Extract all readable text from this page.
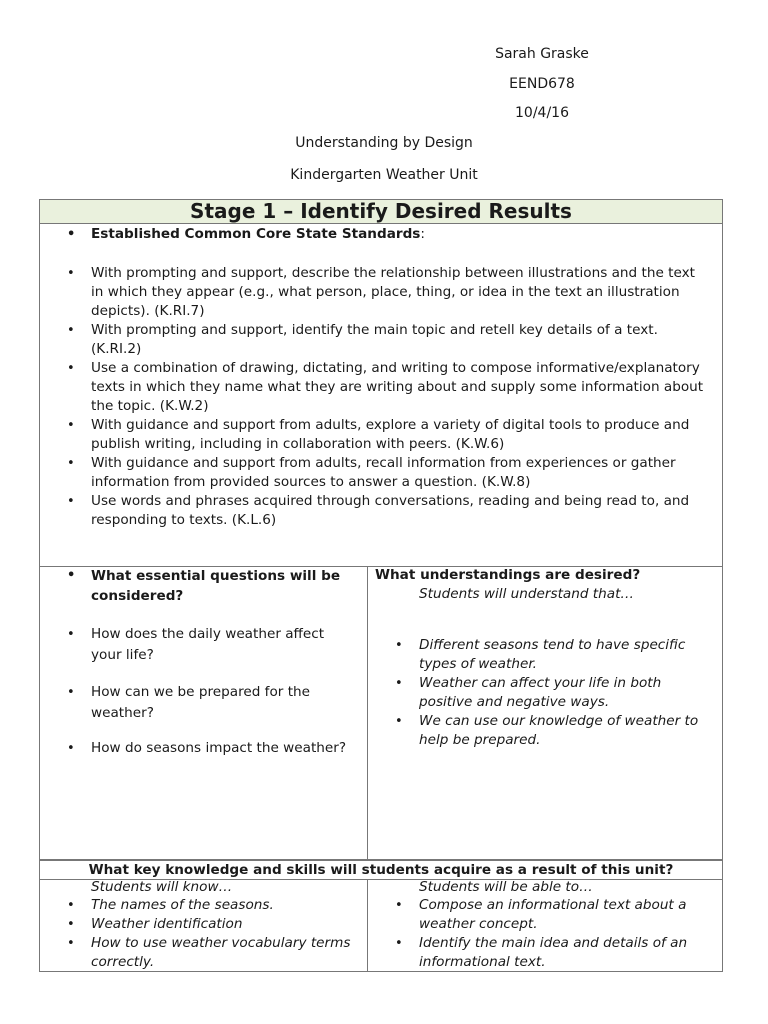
Sarah Graske
EEND678
10/4/16
Understanding by Design
Kindergarten Weather Unit
Stage 1 – Identify Desired Results
• Established Common Core State Standards:
• With prompting and support, describe the relationship between illustrations and the text in which they appear (e.g., what person, place, thing, or idea in the text an illustration depicts). (K.RI.7)
• With prompting and support, identify the main topic and retell key details of a text. (K.RI.2)
• Use a combination of drawing, dictating, and writing to compose informative/explanatory texts in which they name what they are writing about and supply some information about the topic. (K.W.2)
• With guidance and support from adults, explore a variety of digital tools to produce and publish writing, including in collaboration with peers. (K.W.6)
• With guidance and support from adults, recall information from experiences or gather information from provided sources to answer a question. (K.W.8)
• Use words and phrases acquired through conversations, reading and being read to, and responding to texts. (K.L.6)
• What essential questions will be considered?
• How does the daily weather affect your life?
• How can we be prepared for the weather?
• How do seasons impact the weather?
What understandings are desired?
Students will understand that…
• Different seasons tend to have specific types of weather.
• Weather can affect your life in both positive and negative ways.
• We can use our knowledge of weather to help be prepared.
What key knowledge and skills will students acquire as a result of this unit?
Students will know…
• The names of the seasons.
• Weather identification
• How to use weather vocabulary terms correctly.
Students will be able to…
• Compose an informational text about a weather concept.
• Identify the main idea and details of an informational text.
